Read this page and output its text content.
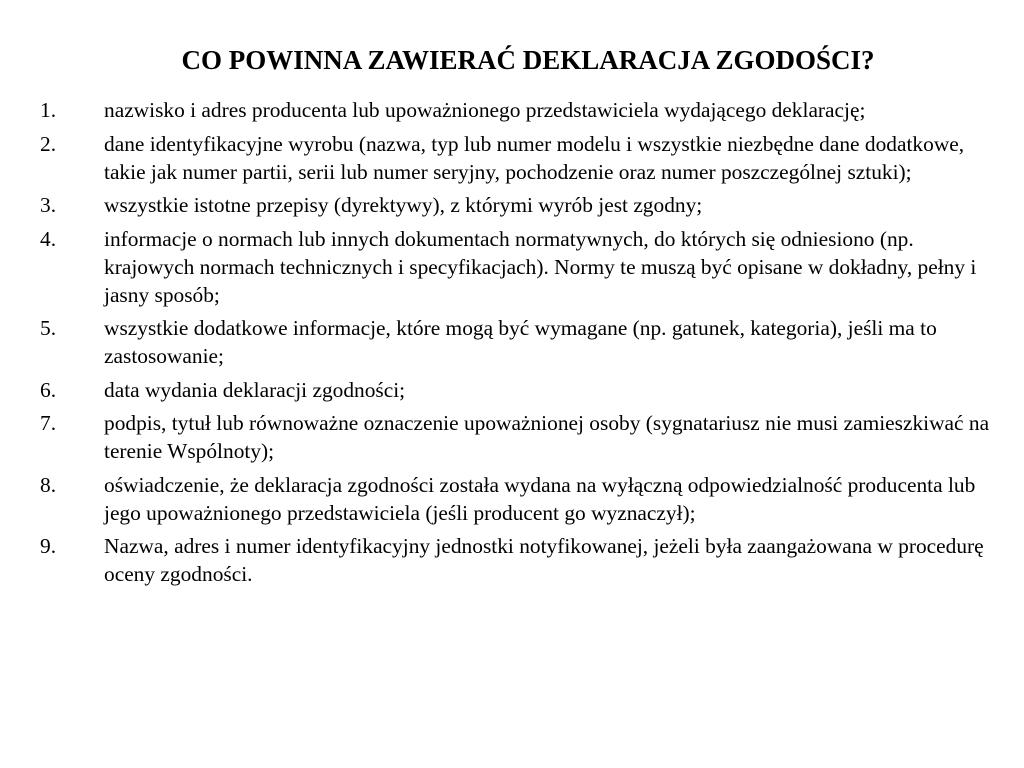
CO POWINNA ZAWIERAĆ DEKLARACJA ZGODOŚCI?
1.	nazwisko i adres producenta lub upoważnionego przedstawiciela wydającego deklarację;
2.	dane identyfikacyjne wyrobu (nazwa, typ lub numer modelu i wszystkie niezbędne dane dodatkowe, takie jak numer partii, serii lub numer seryjny, pochodzenie oraz numer poszczególnej sztuki);
3.	wszystkie istotne przepisy (dyrektywy), z którymi wyrób jest zgodny;
4.	informacje o normach lub innych dokumentach normatywnych, do których się odniesiono (np. krajowych normach technicznych i specyfikacjach). Normy te muszą być opisane w dokładny, pełny i jasny sposób;
5.	wszystkie dodatkowe informacje, które mogą być wymagane (np. gatunek, kategoria), jeśli ma to zastosowanie;
6.	data wydania deklaracji zgodności;
7.	podpis, tytuł lub równoważne oznaczenie upoważnionej osoby (sygnatariusz nie musi zamieszkiwać na terenie Wspólnoty);
8.	oświadczenie, że deklaracja zgodności została wydana na wyłączną odpowiedzialność producenta lub jego upoważnionego przedstawiciela (jeśli producent go wyznaczył);
9.	Nazwa, adres i numer identyfikacyjny jednostki notyfikowanej, jeżeli była zaangażowana w procedurę oceny zgodności.
